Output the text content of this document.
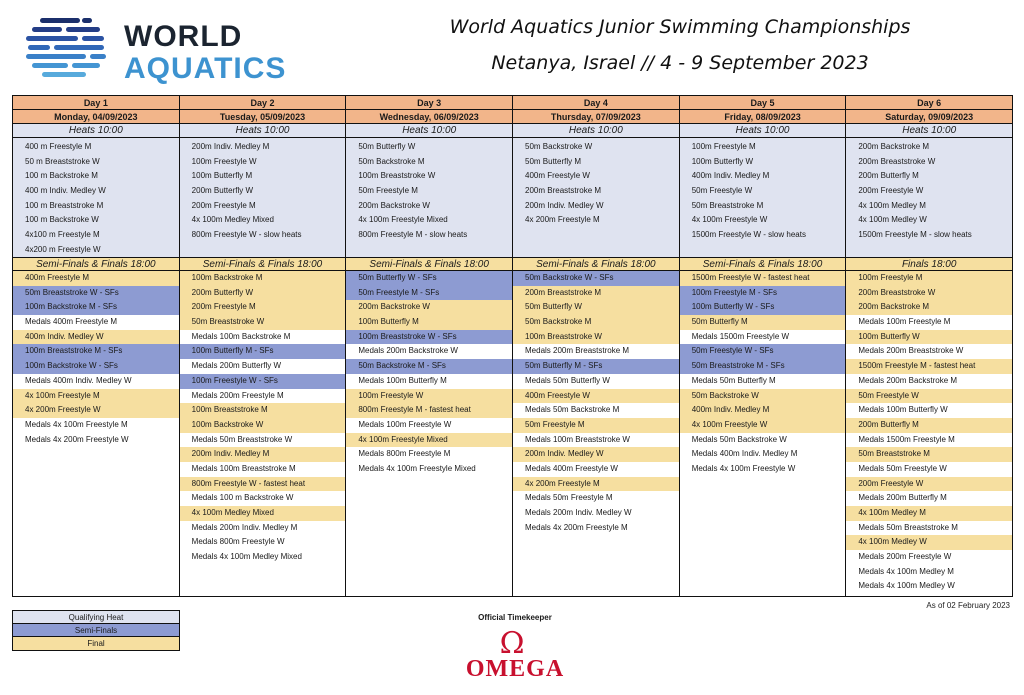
WORLD
AQUATICS
World Aquatics Junior Swimming Championships
Netanya, Israel // 4 - 9 September 2023
Day 1
Monday, 04/09/2023
Heats 10:00
400 m Freestyle M
50 m Breaststroke W
100 m Backstroke M
400 m Indiv. Medley W
100 m Breaststroke M
100 m Backstroke W
4x100 m Freestyle M
4x200 m Freestyle W
Semi-Finals & Finals 18:00
400m Freestyle M
50m Breaststroke W - SFs
100m Backstroke M - SFs
Medals 400m Freestyle M
400m Indiv. Medley W
100m Breaststroke M - SFs
100m Backstroke W - SFs
Medals 400m Indiv. Medley W
4x 100m Freestyle M
4x 200m Freestyle W
Medals 4x 100m Freestyle M
Medals 4x 200m Freestyle W
Day 2
Tuesday, 05/09/2023
Heats 10:00
200m Indiv. Medley M
100m Freestyle W
100m Butterfly M
200m Butterfly W
200m Freestyle M
4x 100m Medley Mixed
800m Freestyle W - slow heats
Semi-Finals & Finals 18:00
100m Backstroke M
200m Butterfly W
200m Freestyle M
50m Breaststroke W
Medals 100m Backstroke M
100m Butterfly M - SFs
Medals 200m Butterfly W
100m Freestyle W - SFs
Medals 200m Freestyle M
100m Breaststroke M
100m Backstroke W
Medals 50m Breaststroke W
200m Indiv. Medley M
Medals 100m Breaststroke M
800m Freestyle W - fastest heat
Medals 100 m Backstroke W
4x 100m Medley Mixed
Medals 200m Indiv. Medley M
Medals 800m Freestyle W
Medals 4x 100m Medley Mixed
Day 3
Wednesday, 06/09/2023
Heats 10:00
50m Butterfly W
50m Backstroke M
100m Breaststroke W
50m Freestyle M
200m Backstroke W
4x 100m Freestyle Mixed
800m Freestyle M - slow heats
Semi-Finals & Finals 18:00
50m Butterfly W - SFs
50m Freestyle M - SFs
200m Backstroke W
100m Butterfly M
100m Breaststroke W - SFs
Medals 200m Backstroke W
50m Backstroke M - SFs
Medals 100m Butterfly M
100m Freestyle W
800m Freestyle M - fastest heat
Medals 100m Freestyle W
4x 100m Freestyle Mixed
Medals 800m Freestyle M
Medals 4x 100m Freestyle Mixed
Day 4
Thursday, 07/09/2023
Heats 10:00
50m Backstroke W
50m Butterfly M
400m Freestyle W
200m Breaststroke M
200m Indiv. Medley W
4x 200m Freestyle M
Semi-Finals & Finals 18:00
50m Backstroke W - SFs
200m Breaststroke M
50m Butterfly W
50m Backstroke M
100m Breaststroke W
Medals 200m Breaststroke M
50m Butterfly M - SFs
Medals 50m Butterfly W
400m Freestyle W
Medals 50m Backstroke M
50m Freestyle M
Medals 100m Breaststroke W
200m Indiv. Medley W
Medals 400m Freestyle W
4x 200m Freestyle M
Medals 50m Freestyle M
Medals 200m Indiv. Medley W
Medals 4x 200m Freestyle M
Day 5
Friday, 08/09/2023
Heats 10:00
100m Freestyle M
100m Butterfly W
400m Indiv. Medley M
50m Freestyle W
50m Breaststroke M
4x 100m Freestyle W
1500m Freestyle W - slow heats
Semi-Finals & Finals 18:00
1500m Freestyle W - fastest heat
100m Freestyle M - SFs
100m Butterfly W - SFs
50m Butterfly M
Medals 1500m Freestyle W
50m Freestyle W - SFs
50m Breaststroke M - SFs
Medals 50m Butterfly M
50m Backstroke W
400m Indiv. Medley M
4x 100m Freestyle W
Medals 50m Backstroke W
Medals 400m Indiv. Medley M
Medals 4x 100m Freestyle W
Day 6
Saturday, 09/09/2023
Heats 10:00
200m Backstroke M
200m Breaststroke W
200m Butterfly M
200m Freestyle W
4x 100m Medley M
4x 100m Medley W
1500m Freestyle M - slow heats
Finals 18:00
100m Freestyle M
200m Breaststroke W
200m Backstroke M
Medals 100m Freestyle M
100m Butterfly W
Medals 200m Breaststroke W
1500m Freestyle M - fastest heat
Medals 200m Backstroke M
50m Freestyle W
Medals 100m Butterfly W
200m Butterfly M
Medals 1500m Freestyle M
50m Breaststroke M
Medals 50m Freestyle W
200m Freestyle W
Medals 200m Butterfly M
4x 100m Medley M
Medals 50m Breaststroke M
4x 100m Medley W
Medals 200m Freestyle W
Medals 4x 100m Medley M
Medals 4x 100m Medley W
Qualifying Heat
Semi-Finals
Final
As of 02 February 2023
Official Timekeeper
Ω
OMEGA
